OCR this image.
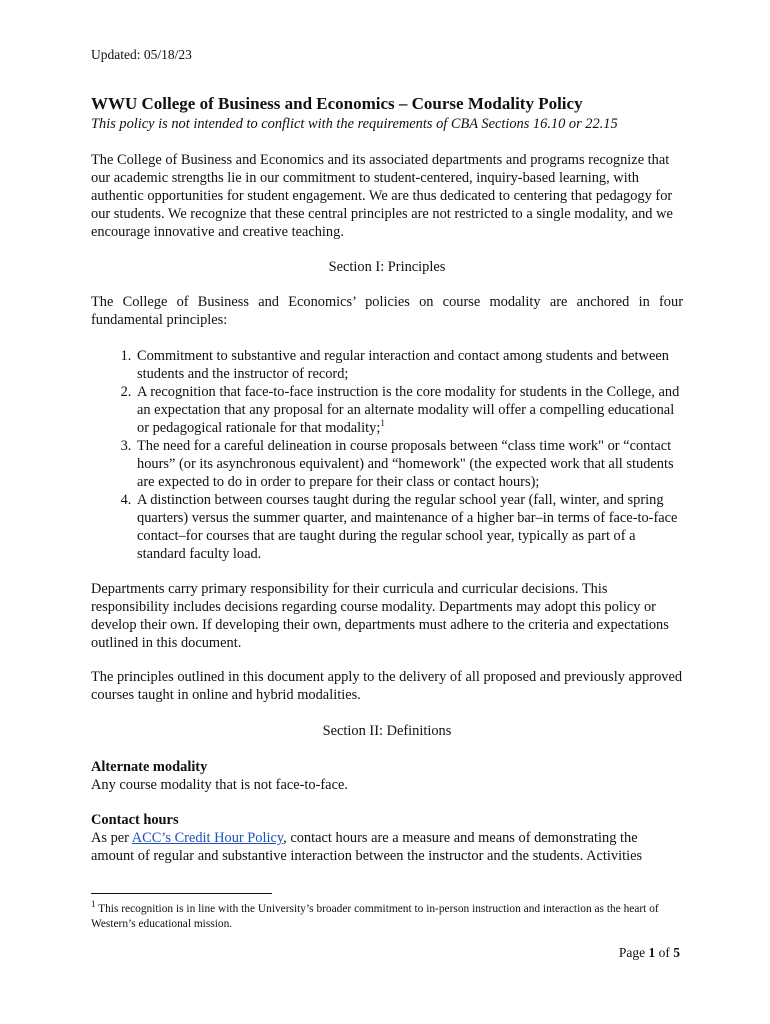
Updated: 05/18/23
WWU College of Business and Economics – Course Modality Policy
This policy is not intended to conflict with the requirements of CBA Sections 16.10 or 22.15
The College of Business and Economics and its associated departments and programs recognize that our academic strengths lie in our commitment to student-centered, inquiry-based learning, with authentic opportunities for student engagement. We are thus dedicated to centering that pedagogy for our students. We recognize that these central principles are not restricted to a single modality, and we encourage innovative and creative teaching.
Section I: Principles
The College of Business and Economics’ policies on course modality are anchored in four fundamental principles:
1. Commitment to substantive and regular interaction and contact among students and between students and the instructor of record;
2. A recognition that face-to-face instruction is the core modality for students in the College, and an expectation that any proposal for an alternate modality will offer a compelling educational or pedagogical rationale for that modality;$^1$
3. The need for a careful delineation in course proposals between “class time work" or “contact hours” (or its asynchronous equivalent) and “homework" (the expected work that all students are expected to do in order to prepare for their class or contact hours);
4. A distinction between courses taught during the regular school year (fall, winter, and spring quarters) versus the summer quarter, and maintenance of a higher bar–in terms of face-to-face contact–for courses that are taught during the regular school year, typically as part of a standard faculty load.
Departments carry primary responsibility for their curricula and curricular decisions. This responsibility includes decisions regarding course modality. Departments may adopt this policy or develop their own. If developing their own, departments must adhere to the criteria and expectations outlined in this document.
The principles outlined in this document apply to the delivery of all proposed and previously approved courses taught in online and hybrid modalities.
Section II: Definitions
Alternate modality
Any course modality that is not face-to-face.
Contact hours
As per ACC’s Credit Hour Policy, contact hours are a measure and means of demonstrating the amount of regular and substantive interaction between the instructor and the students. Activities
$^1$ This recognition is in line with the University’s broader commitment to in-person instruction and interaction as the heart of Western’s educational mission.
Page 1 of 5
